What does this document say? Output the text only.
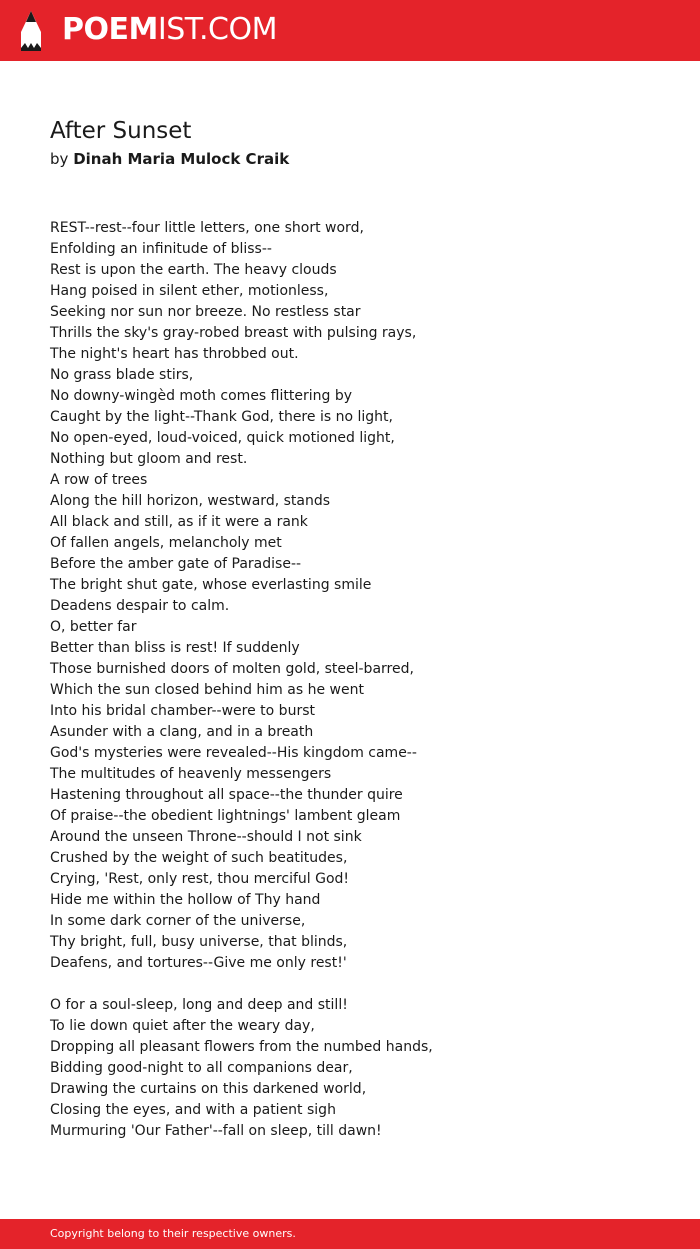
POEMIST.COM
After Sunset
by Dinah Maria Mulock Craik
REST--rest--four little letters, one short word,
Enfolding an infinitude of bliss--
Rest is upon the earth. The heavy clouds
Hang poised in silent ether, motionless,
Seeking nor sun nor breeze. No restless star
Thrills the sky's gray-robed breast with pulsing rays,
The night's heart has throbbed out.
No grass blade stirs,
No downy-wingèd moth comes flittering by
Caught by the light--Thank God, there is no light,
No open-eyed, loud-voiced, quick motioned light,
Nothing but gloom and rest.
A row of trees
Along the hill horizon, westward, stands
All black and still, as if it were a rank
Of fallen angels, melancholy met
Before the amber gate of Paradise--
The bright shut gate, whose everlasting smile
Deadens despair to calm.
O, better far
Better than bliss is rest! If suddenly
Those burnished doors of molten gold, steel-barred,
Which the sun closed behind him as he went
Into his bridal chamber--were to burst
Asunder with a clang, and in a breath
God's mysteries were revealed--His kingdom came--
The multitudes of heavenly messengers
Hastening throughout all space--the thunder quire
Of praise--the obedient lightnings' lambent gleam
Around the unseen Throne--should I not sink
Crushed by the weight of such beatitudes,
Crying, 'Rest, only rest, thou merciful God!
Hide me within the hollow of Thy hand
In some dark corner of the universe,
Thy bright, full, busy universe, that blinds,
Deafens, and tortures--Give me only rest!'
O for a soul-sleep, long and deep and still!
To lie down quiet after the weary day,
Dropping all pleasant flowers from the numbed hands,
Bidding good-night to all companions dear,
Drawing the curtains on this darkened world,
Closing the eyes, and with a patient sigh
Murmuring 'Our Father'--fall on sleep, till dawn!
Copyright belong to their respective owners.
